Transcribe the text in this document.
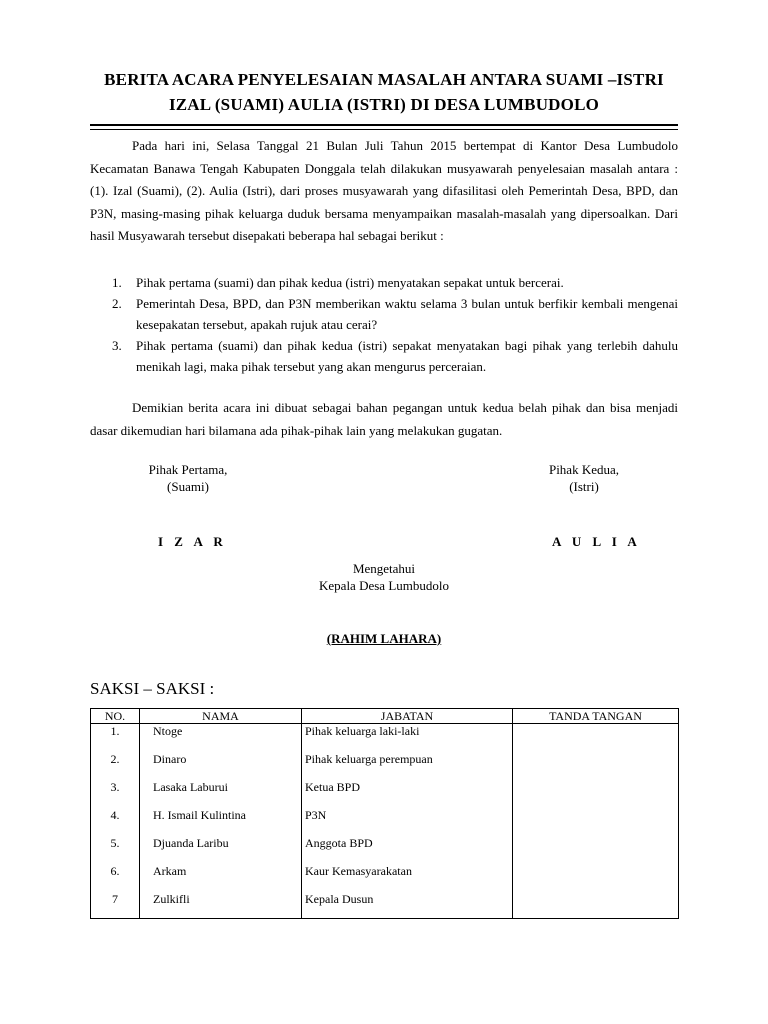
BERITA ACARA PENYELESAIAN MASALAH ANTARA SUAMI –ISTRI
IZAL (SUAMI) AULIA (ISTRI) DI DESA LUMBUDOLO

Pada hari ini, Selasa Tanggal 21 Bulan Juli Tahun 2015 bertempat di Kantor Desa Lumbudolo Kecamatan Banawa Tengah Kabupaten Donggala telah dilakukan musyawarah penyelesaian masalah antara : (1). Izal (Suami), (2). Aulia (Istri), dari proses musyawarah yang difasilitasi oleh Pemerintah Desa, BPD, dan P3N, masing-masing pihak keluarga duduk bersama menyampaikan masalah-masalah yang dipersoalkan. Dari hasil Musyawarah tersebut disepakati beberapa hal sebagai berikut :

1. Pihak pertama (suami) dan pihak kedua (istri) menyatakan sepakat untuk bercerai.
2. Pemerintah Desa, BPD, dan P3N memberikan waktu selama 3 bulan untuk berfikir kembali mengenai kesepakatan tersebut, apakah rujuk atau cerai?
3. Pihak pertama (suami) dan pihak kedua (istri) sepakat menyatakan bagi pihak yang terlebih dahulu menikah lagi, maka pihak tersebut yang akan mengurus perceraian.

Demikian berita acara ini dibuat sebagai bahan pegangan untuk kedua belah pihak dan bisa menjadi dasar dikemudian hari bilamana ada pihak-pihak lain yang melakukan gugatan.

Pihak Pertama,
(Suami)
Pihak Kedua,
(Istri)
I Z A R	A U L I A
Mengetahui
Kepala Desa Lumbudolo
(RAHIM LAHARA)
SAKSI – SAKSI :
NO.	NAMA	JABATAN	TANDA TANGAN
1.	Ntoge	Pihak keluarga laki-laki	
2.	Dinaro	Pihak keluarga perempuan	
3.	Lasaka Laburui	Ketua BPD	
4.	H. Ismail Kulintina	P3N	
5.	Djuanda Laribu	Anggota BPD	
6.	Arkam	Kaur Kemasyarakatan	
7	Zulkifli	Kepala Dusun	
